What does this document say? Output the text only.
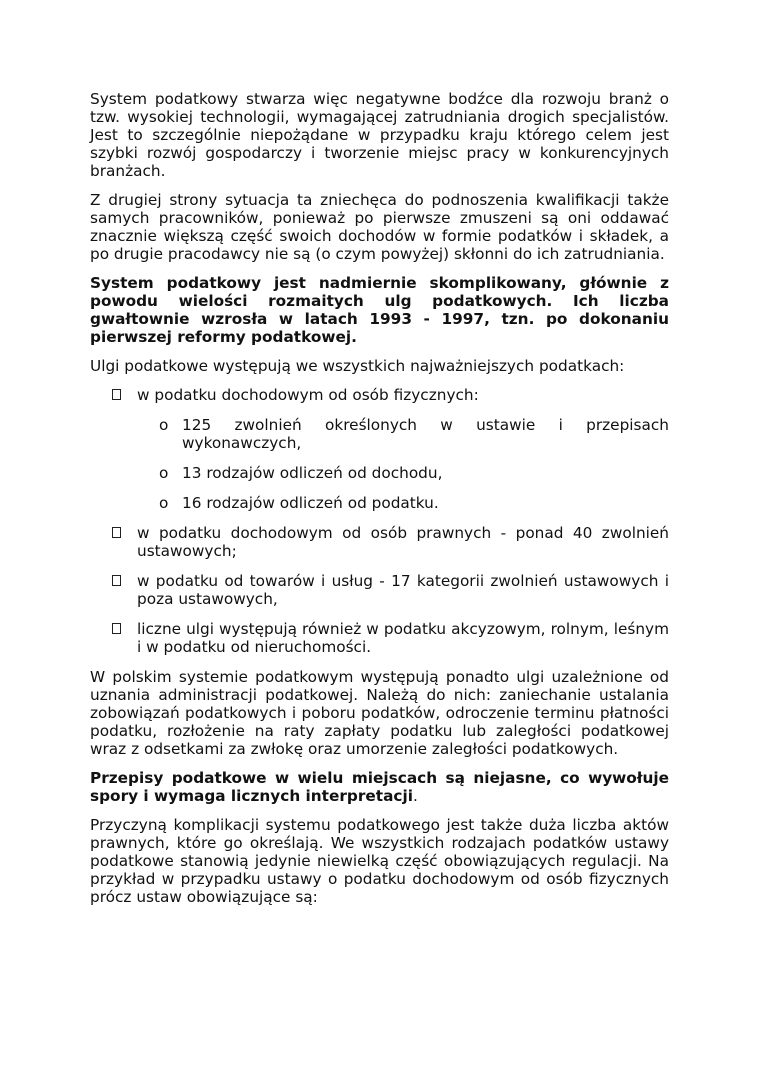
System podatkowy stwarza więc negatywne bodźce dla rozwoju branż o tzw. wysokiej technologii, wymagającej zatrudniania drogich specjalistów. Jest to szczególnie niepożądane w przypadku kraju którego celem jest szybki rozwój gospodarczy i tworzenie miejsc pracy w konkurencyjnych branżach.

Z drugiej strony sytuacja ta zniechęca do podnoszenia kwalifikacji także samych pracowników, ponieważ po pierwsze zmuszeni są oni oddawać znacznie większą część swoich dochodów w formie podatków i składek, a po drugie pracodawcy nie są (o czym powyżej) skłonni do ich zatrudniania.

System podatkowy jest nadmiernie skomplikowany, głównie z powodu wielości rozmaitych ulg podatkowych. Ich liczba gwałtownie wzrosła w latach 1993 - 1997, tzn. po dokonaniu pierwszej reformy podatkowej.

Ulgi podatkowe występują we wszystkich najważniejszych podatkach:

w podatku dochodowym od osób fizycznych:
o 125 zwolnień określonych w ustawie i przepisach wykonawczych,
o 13 rodzajów odliczeń od dochodu,
o 16 rodzajów odliczeń od podatku.
w podatku dochodowym od osób prawnych - ponad 40 zwolnień ustawowych;
w podatku od towarów i usług - 17 kategorii zwolnień ustawowych i poza ustawowych,
liczne ulgi występują również w podatku akcyzowym, rolnym, leśnym i w podatku od nieruchomości.

W polskim systemie podatkowym występują ponadto ulgi uzależnione od uznania administracji podatkowej. Należą do nich: zaniechanie ustalania zobowiązań podatkowych i poboru podatków, odroczenie terminu płatności podatku, rozłożenie na raty zapłaty podatku lub zaległości podatkowej wraz z odsetkami za zwłokę oraz umorzenie zaległości podatkowych.

Przepisy podatkowe w wielu miejscach są niejasne, co wywołuje spory i wymaga licznych interpretacji.

Przyczyną komplikacji systemu podatkowego jest także duża liczba aktów prawnych, które go określają. We wszystkich rodzajach podatków ustawy podatkowe stanowią jedynie niewielką część obowiązujących regulacji. Na przykład w przypadku ustawy o podatku dochodowym od osób fizycznych prócz ustaw obowiązujące są:
